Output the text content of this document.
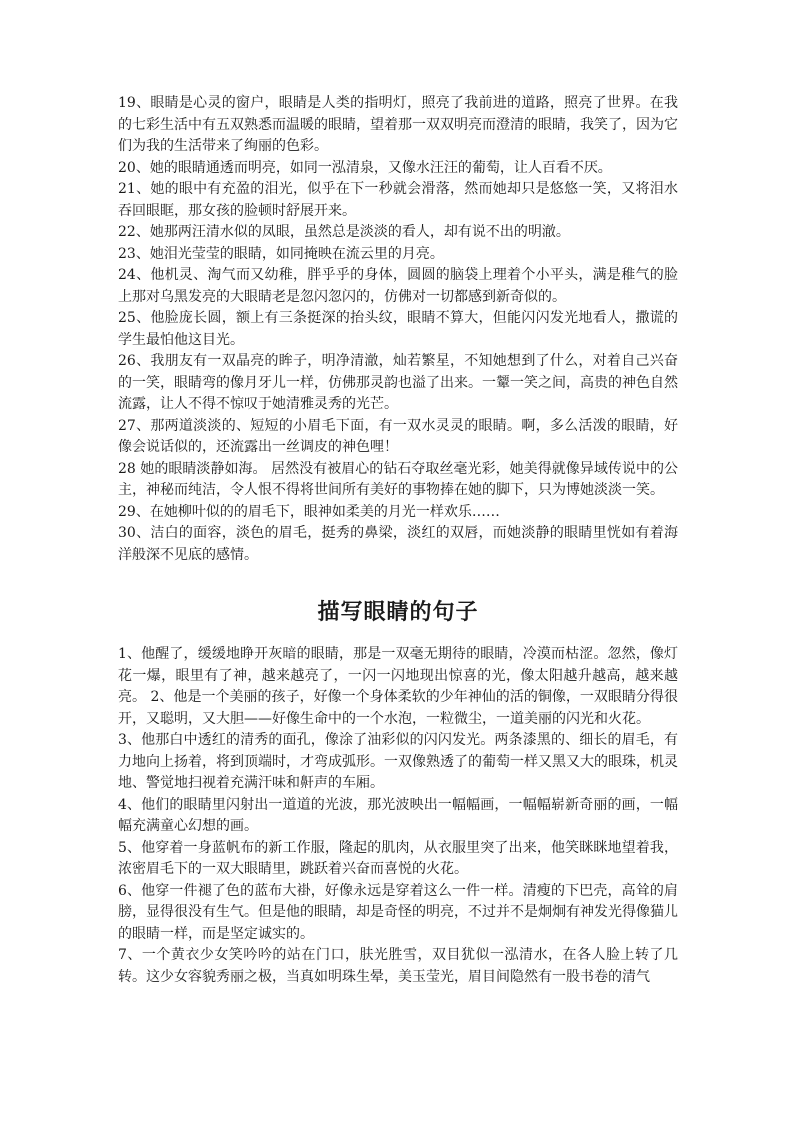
19、眼睛是心灵的窗户，眼睛是人类的指明灯，照亮了我前进的道路，照亮了世界。在我的七彩生活中有五双熟悉而温暖的眼睛，望着那一双双明亮而澄清的眼睛，我笑了，因为它们为我的生活带来了绚丽的色彩。

20、她的眼睛通透而明亮，如同一泓清泉，又像水汪汪的葡萄，让人百看不厌。

21、她的眼中有充盈的泪光，似乎在下一秒就会滑落，然而她却只是悠悠一笑，又将泪水吞回眼眶，那女孩的脸顿时舒展开来。

22、她那两汪清水似的凤眼，虽然总是淡淡的看人，却有说不出的明澈。

23、她泪光莹莹的眼睛，如同掩映在流云里的月亮。

24、他机灵、淘气而又幼稚，胖乎乎的身体，圆圆的脑袋上理着个小平头，满是稚气的脸上那对乌黑发亮的大眼睛老是忽闪忽闪的，仿佛对一切都感到新奇似的。

25、他脸庞长圆，额上有三条挺深的抬头纹，眼睛不算大，但能闪闪发光地看人，撒谎的学生最怕他这目光。

26、我朋友有一双晶亮的眸子，明净清澈，灿若繁星，不知她想到了什么，对着自己兴奋的一笑，眼睛弯的像月牙儿一样，仿佛那灵韵也溢了出来。一颦一笑之间，高贵的神色自然流露，让人不得不惊叹于她清雅灵秀的光芒。

27、那两道淡淡的、短短的小眉毛下面，有一双水灵灵的眼睛。啊，多么活泼的眼睛，好像会说话似的，还流露出一丝调皮的神色哩！

28 她的眼睛淡静如海。 居然没有被眉心的钻石夺取丝毫光彩，她美得就像异域传说中的公主，神秘而纯洁，令人恨不得将世间所有美好的事物捧在她的脚下，只为博她淡淡一笑。

29、在她柳叶似的的眉毛下，眼神如柔美的月光一样欢乐……

30、洁白的面容，淡色的眉毛，挺秀的鼻梁，淡红的双唇，而她淡静的眼睛里恍如有着海洋般深不见底的感情。

描写眼睛的句子

1、他醒了，缓缓地睁开灰暗的眼睛，那是一双毫无期待的眼睛，冷漠而枯涩。忽然，像灯花一爆，眼里有了神，越来越亮了，一闪一闪地现出惊喜的光，像太阳越升越高，越来越亮。 2、他是一个美丽的孩子，好像一个身体柔软的少年神仙的活的铜像，一双眼睛分得很开，又聪明，又大胆——好像生命中的一个水泡，一粒微尘，一道美丽的闪光和火花。

3、他那白中透红的清秀的面孔，像涂了油彩似的闪闪发光。两条漆黑的、细长的眉毛，有力地向上扬着，将到顶端时，才弯成弧形。一双像熟透了的葡萄一样又黑又大的眼珠，机灵地、警觉地扫视着充满汗味和鼾声的车厢。

4、他们的眼睛里闪射出一道道的光波，那光波映出一幅幅画，一幅幅崭新奇丽的画，一幅幅充满童心幻想的画。

5、他穿着一身蓝帆布的新工作服，隆起的肌肉，从衣服里突了出来，他笑眯眯地望着我，浓密眉毛下的一双大眼睛里，跳跃着兴奋而喜悦的火花。

6、他穿一件褪了色的蓝布大褂，好像永远是穿着这么一件一样。清瘦的下巴壳，高耸的肩膀，显得很没有生气。但是他的眼睛，却是奇怪的明亮，不过并不是炯炯有神发光得像猫儿的眼睛一样，而是坚定诚实的。

7、一个黄衣少女笑吟吟的站在门口，肤光胜雪，双目犹似一泓清水，在各人脸上转了几转。这少女容貌秀丽之极，当真如明珠生晕，美玉莹光，眉目间隐然有一股书卷的清气
